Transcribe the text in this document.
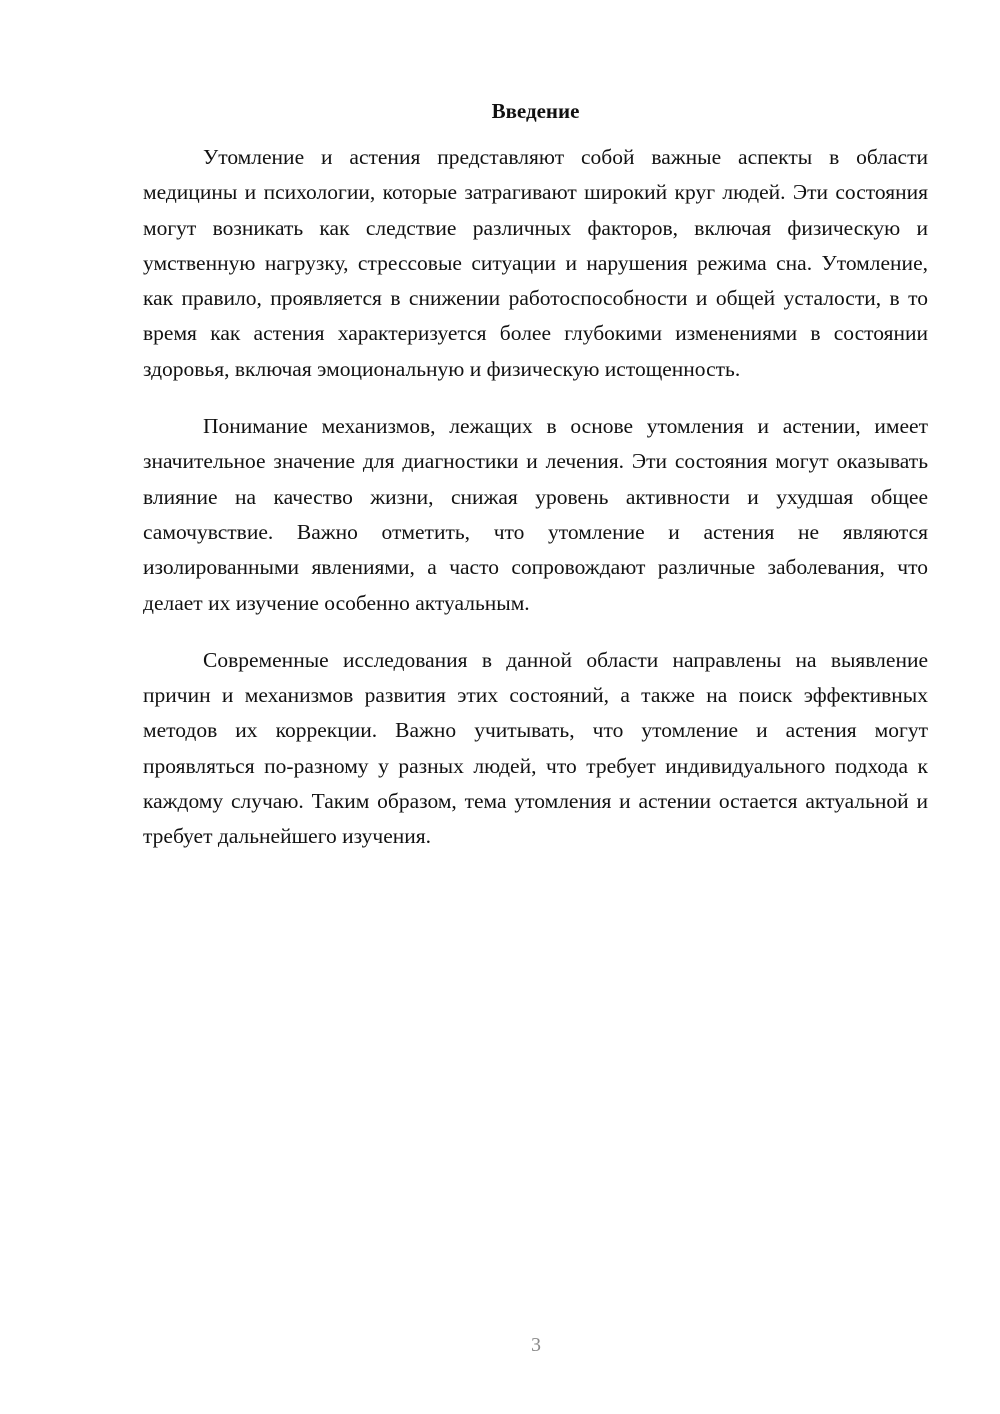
Введение

Утомление и астения представляют собой важные аспекты в области медицины и психологии, которые затрагивают широкий круг людей. Эти состояния могут возникать как следствие различных факторов, включая физическую и умственную нагрузку, стрессовые ситуации и нарушения режима сна. Утомление, как правило, проявляется в снижении работоспособности и общей усталости, в то время как астения характеризуется более глубокими изменениями в состоянии здоровья, включая эмоциональную и физическую истощенность.

Понимание механизмов, лежащих в основе утомления и астении, имеет значительное значение для диагностики и лечения. Эти состояния могут оказывать влияние на качество жизни, снижая уровень активности и ухудшая общее самочувствие. Важно отметить, что утомление и астения не являются изолированными явлениями, а часто сопровождают различные заболевания, что делает их изучение особенно актуальным.

Современные исследования в данной области направлены на выявление причин и механизмов развития этих состояний, а также на поиск эффективных методов их коррекции. Важно учитывать, что утомление и астения могут проявляться по-разному у разных людей, что требует индивидуального подхода к каждому случаю. Таким образом, тема утомления и астении остается актуальной и требует дальнейшего изучения.

3
